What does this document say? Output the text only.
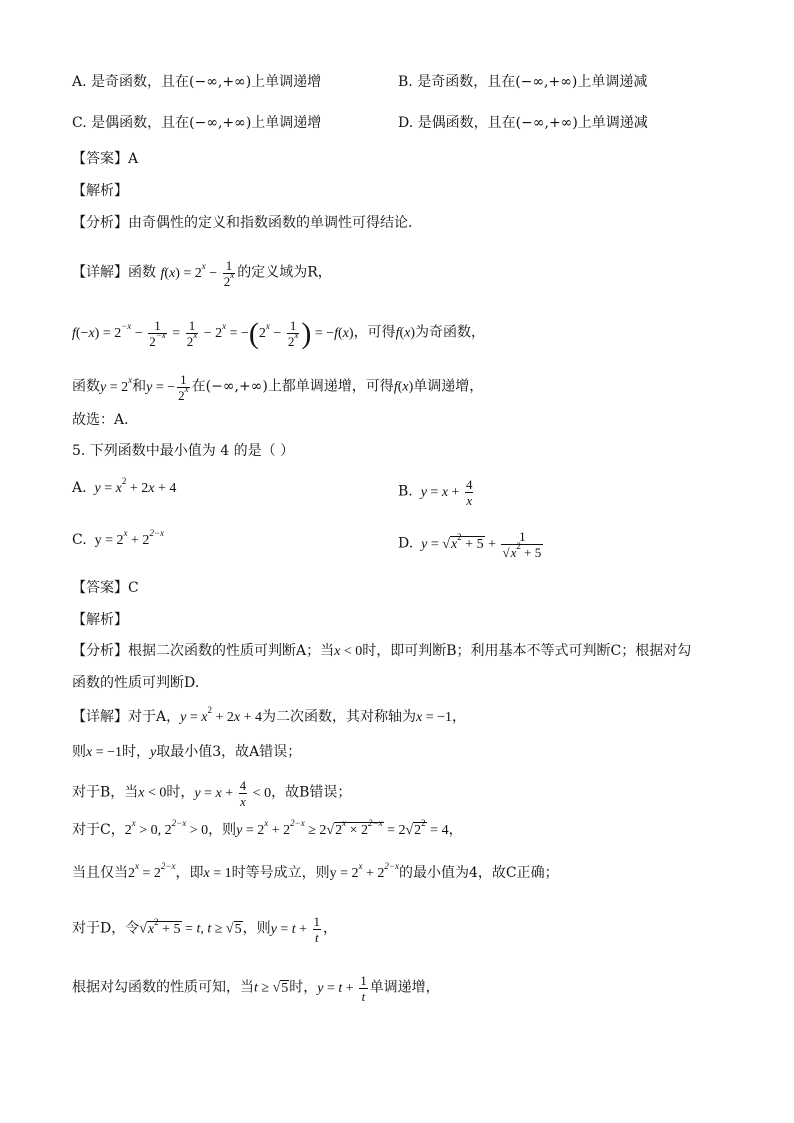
A. 是奇函数，且在(−∞,+∞)上单调递增	B. 是奇函数，且在(−∞,+∞)上单调递减
C. 是偶函数，且在(−∞,+∞)上单调递增	D. 是偶函数，且在(−∞,+∞)上单调递减
【答案】A
【解析】
【分析】由奇偶性的定义和指数函数的单调性可得结论．
【详解】函数 $f(x) = 2^x - \frac{1}{2^x}$ 的定义域为R，
$f(-x) = 2^{-x} - \frac{1}{2^{-x}} = \frac{1}{2^x} - 2^x = -(2^x - \frac{1}{2^x}$ ) = −f(x)，可得f(x)为奇函数，
函数$y = 2^x$和y = − $\frac{1}{2^x}$ 在(−∞,+∞)上都单调递增，可得f(x)单调递增，
故选：A．
5. 下列函数中最小值为 4 的是（ ）
A.  $y = x^2 + 2x + 4$	B.  $y = x + \frac{4}{x}$
C. $y = 2^x + 2^{2-x}$
D.  $y = √x^2 + 5 + \frac{1}{√x^2 + 5}$
【答案】C
【解析】
【分析】根据二次函数的性质可判断A；当x < 0时，即可判断B；利用基本不等式可判断C；根据对勾
函数的性质可判断D.
【详解】对于A，$y = x^2 + 2x + 4$为二次函数，其对称轴为x = −1，
则x = −1时，y取最小值3，故A错误；
对于B，当x < 0时，$y = x + \frac{4}{x} < 0$，故B错误；
对于C，$2^x > 0$, $2^{2-x} > 0$，则$y = 2^x + 2^{2-x} \ge 2√2^x \times 2^{2-x} = 2√2^2 = 4$，
当且仅当$2^x = 2^{2-x}$，即x = 1时等号成立，则$y = 2^x + 2^{2-x}$的最小值为4，故C正确；
对于D，令$√x^2 + 5 = t$, t ≥ √5，则$y = t + \frac{1}{t}$ ，
根据对勾函数的性质可知，当t ≥ √5时，$y = t + \frac{1}{t}$ 单调递增，
